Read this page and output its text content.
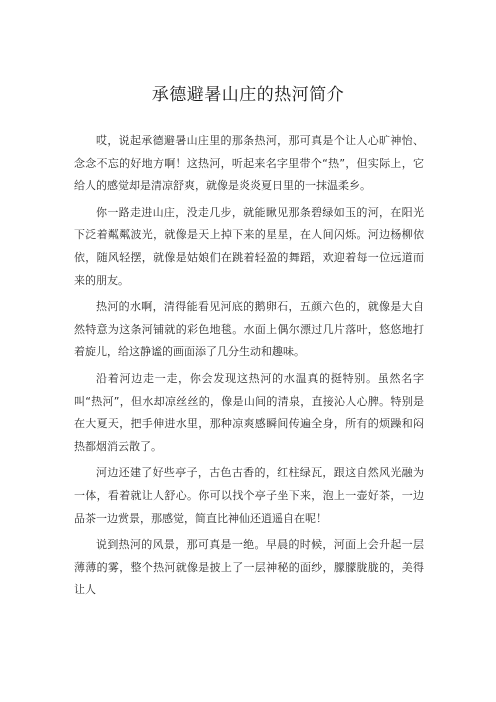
承德避暑山庄的热河简介

哎，说起承德避暑山庄里的那条热河，那可真是个让人心旷神怡、念念不忘的好地方啊！这热河，听起来名字里带个“热”，但实际上，它给人的感觉却是清凉舒爽，就像是炎炎夏日里的一抹温柔乡。

你一路走进山庄，没走几步，就能瞅见那条碧绿如玉的河，在阳光下泛着粼粼波光，就像是天上掉下来的星星，在人间闪烁。河边杨柳依依，随风轻摆，就像是姑娘们在跳着轻盈的舞蹈，欢迎着每一位远道而来的朋友。

热河的水啊，清得能看见河底的鹅卵石，五颜六色的，就像是大自然特意为这条河铺就的彩色地毯。水面上偶尔漂过几片落叶，悠悠地打着旋儿，给这静谧的画面添了几分生动和趣味。

沿着河边走一走，你会发现这热河的水温真的挺特别。虽然名字叫“热河”，但水却凉丝丝的，像是山间的清泉，直接沁人心脾。特别是在大夏天，把手伸进水里，那种凉爽感瞬间传遍全身，所有的烦躁和闷热都烟消云散了。

河边还建了好些亭子，古色古香的，红柱绿瓦，跟这自然风光融为一体，看着就让人舒心。你可以找个亭子坐下来，泡上一壶好茶，一边品茶一边赏景，那感觉，简直比神仙还逍遥自在呢！

说到热河的风景，那可真是一绝。早晨的时候，河面上会升起一层薄薄的雾，整个热河就像是披上了一层神秘的面纱，朦朦胧胧的，美得让人
